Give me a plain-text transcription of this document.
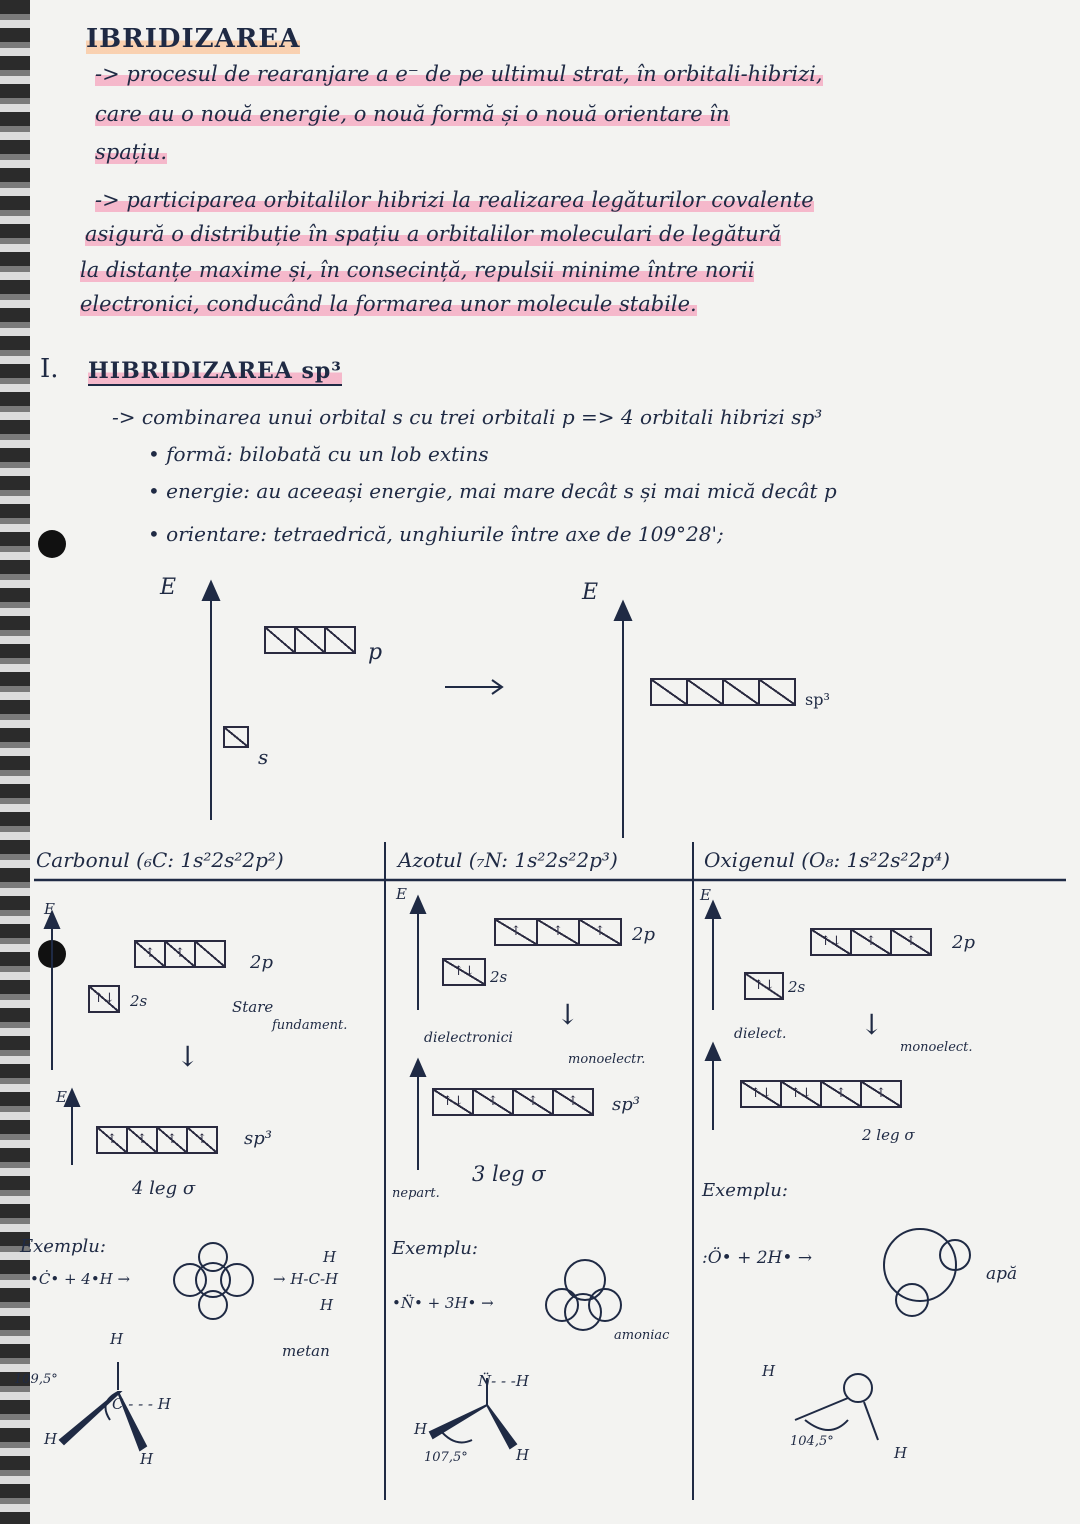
IBRIDIZAREA
-> procesul de rearanjare a e⁻ de pe ultimul strat, în orbitali-hibrizi,
care au o nouă energie, o nouă formă și o nouă orientare în
spațiu.
-> participarea orbitalilor hibrizi la realizarea legăturilor covalente
asigură o distribuție în spațiu a orbitalilor moleculari de legătură
la distanțe maxime și, în consecință, repulsii minime între norii
electronici, conducând la formarea unor molecule stabile.
I. HIBRIDIZAREA sp³
-> combinarea unui orbital s cu trei orbitali p => 4 orbitali hibrizi sp³
• formă: bilobată cu un lob extins
• energie: au aceeași energie, mai mare decât s și mai mică decât p
• orientare: tetraedrică, unghiurile între axe de 109°28';
E
p
s
E
sp³
Carbonul (₆C: 1s²2s²2p²)	Azotul (₇N: 1s²2s²2p³)	Oxigenul (O₈: 1s²2s²2p⁴)
E
↑	↑	2p
↑↓	2s	Stare
fundament.
↓
E
↑	↑	↑	↑	sp³
4 leg σ
Exemplu:
•Ċ• + 4•H →	→ H-C-H
H
H
metan
H
109,5°
C - - - H
H
H
E
↑	↑	↑	2p
↑↓	2s
↓
dielectronici
monoelectr.
↑↓	↑	↑	↑	sp³
nepart.
3 leg σ
Exemplu:
•N̈• + 3H• →
amoniac
N̈- - -H
H
H
107,5°
E
↑↓	↑	↑	2p
↑↓ 2s
↓
dielect.
monoelect.
↑↓	↑↓	↑	↑
2 leg σ
Exemplu:
:Ö• + 2H• →
apă
H
H
104,5°
